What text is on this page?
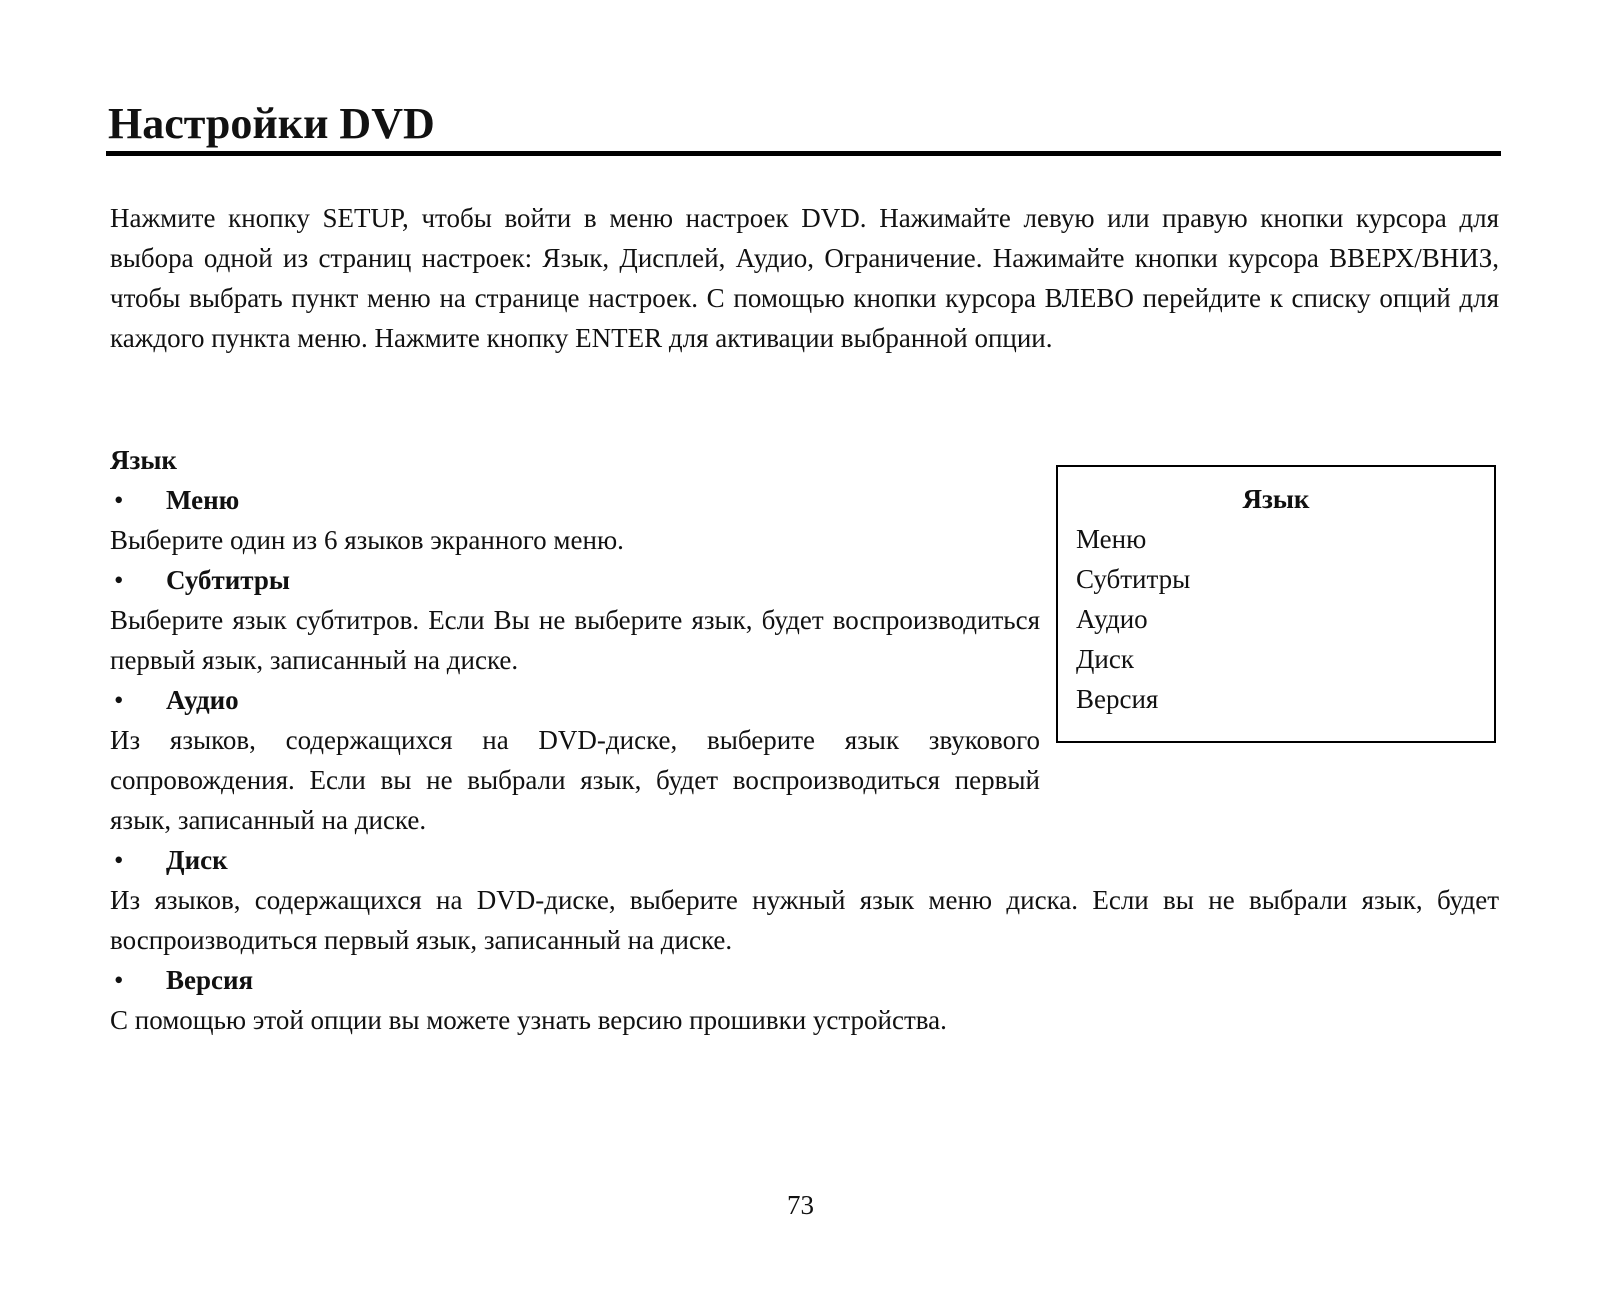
Настройки DVD

Нажмите кнопку SETUP, чтобы войти в меню настроек DVD. Нажимайте левую или правую кнопки курсора для выбора одной из страниц настроек: Язык, Дисплей, Аудио, Ограничение. Нажимайте кнопки курсора ВВЕРХ/ВНИЗ, чтобы выбрать пункт меню на странице настроек. С помощью кнопки курсора ВЛЕВО перейдите к списку опций для каждого пункта меню. Нажмите кнопку ENTER для активации выбранной опции.

Язык

•	Меню

Выберите один из 6 языков экранного меню.

•	Субтитры

Выберите язык субтитров. Если Вы не выберите язык, будет воспроизводиться первый язык, записанный на диске.

•	Аудио

Из языков, содержащихся на DVD-диске, выберите язык звукового сопровождения. Если вы не выбрали язык, будет воспроизводиться первый язык, записанный на диске.

•	Диск

Из языков, содержащихся на DVD-диске, выберите нужный язык меню диска. Если вы не выбрали язык, будет воспроизводиться первый язык, записанный на диске.

•	Версия

С помощью этой опции вы можете узнать версию прошивки устройства.

Язык
Меню
Субтитры
Аудио
Диск
Версия
73
